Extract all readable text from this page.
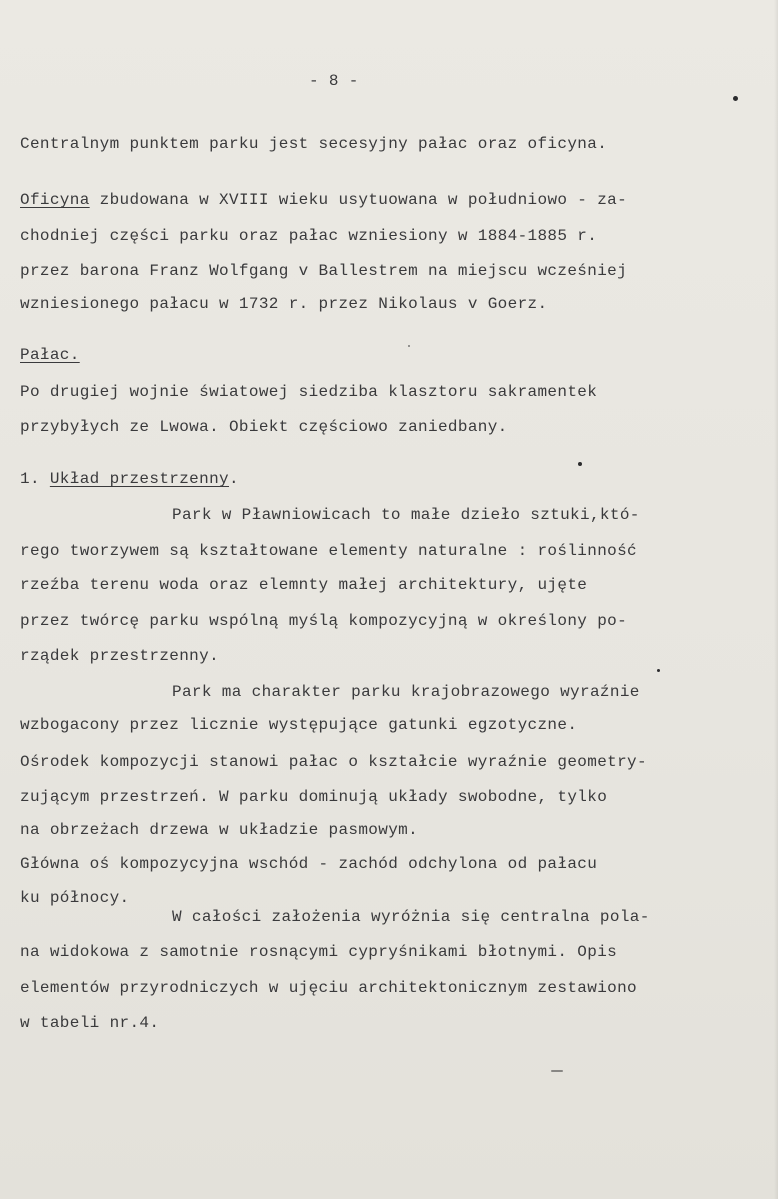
- 8 -
Centralnym punktem parku jest secesyjny pałac oraz oficyna.
Oficyna zbudowana w XVIII wieku usytuowana w południowo - za-
chodniej części parku oraz pałac wzniesiony w 1884-1885 r.
przez barona Franz Wolfgang v Ballestrem na miejscu wcześniej
wzniesionego pałacu w 1732 r. przez Nikolaus v Goerz.
Pałac.
Po drugiej wojnie światowej siedziba klasztoru sakramentek
przybyłych ze Lwowa. Obiekt częściowo zaniedbany.
1. Układ przestrzenny.
Park w Pławniowicach to małe dzieło sztuki,któ-
rego tworzywem są kształtowane elementy naturalne : roślinność
rzeźba terenu woda oraz elemnty małej architektury, ujęte
przez twórcę parku wspólną myślą kompozycyjną w określony po-
rządek przestrzenny.
Park ma charakter parku krajobrazowego wyraźnie
wzbogacony przez licznie występujące gatunki egzotyczne.
Ośrodek kompozycji stanowi pałac o kształcie wyraźnie geometry-
zującym przestrzeń. W parku dominują układy swobodne, tylko
na obrzeżach drzewa w układzie pasmowym.
Główna oś kompozycyjna wschód - zachód odchylona od pałacu
ku północy.
W całości założenia wyróżnia się centralna pola-
na widokowa z samotnie rosnącymi cypryśnikami błotnymi. Opis
elementów przyrodniczych w ujęciu architektonicznym zestawiono
w tabeli nr.4.
